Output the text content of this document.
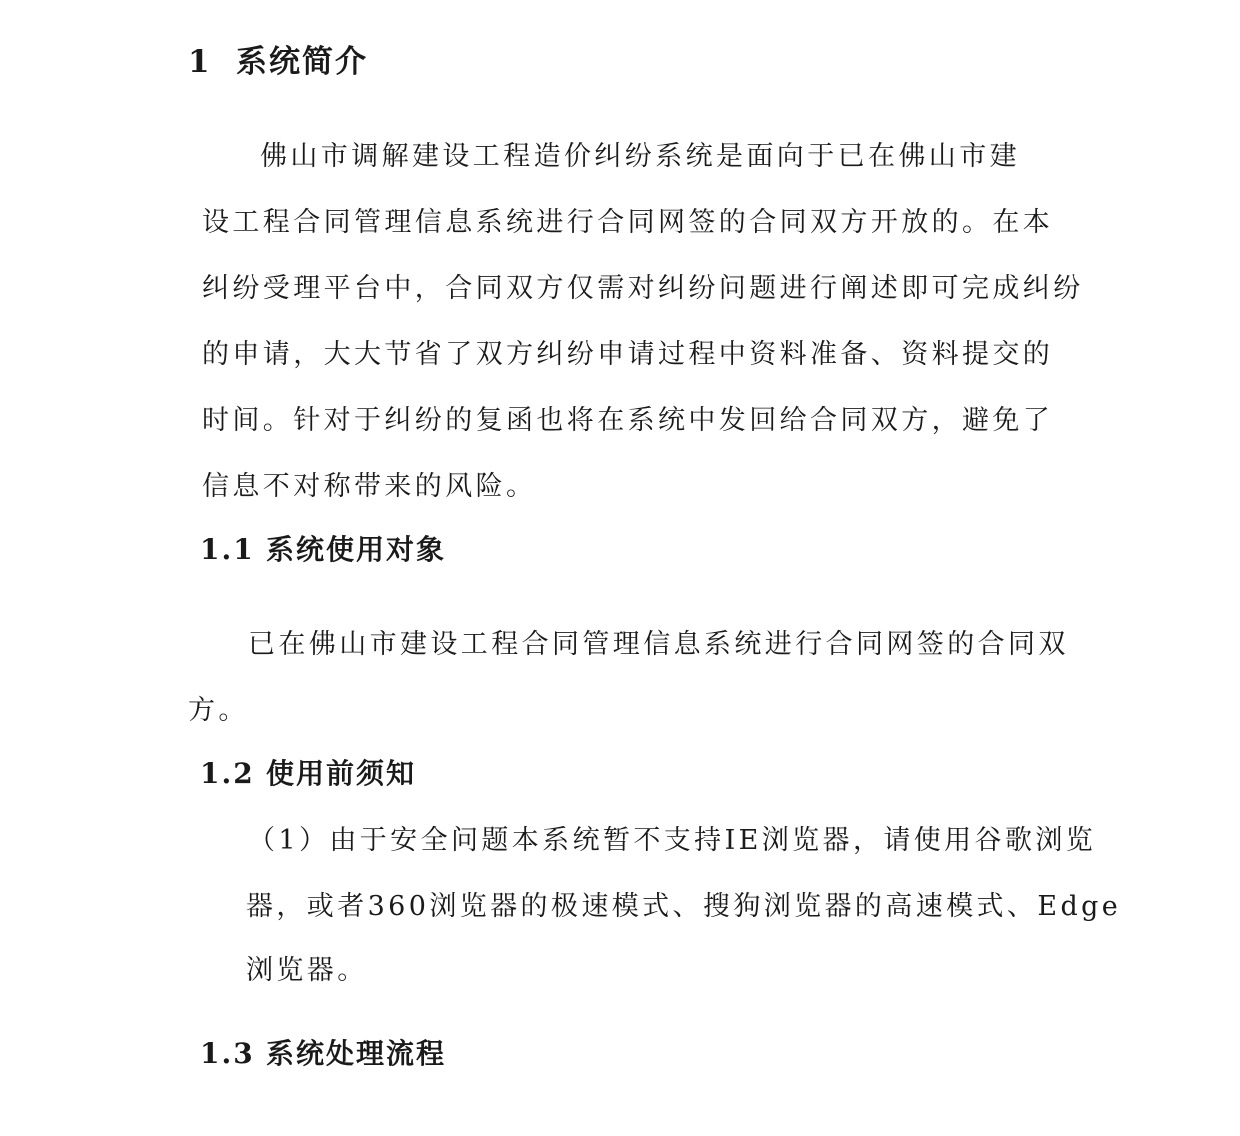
1 系统简介

佛山市调解建设工程造价纠纷系统是面向于已在佛山市建

设工程合同管理信息系统进行合同网签的合同双方开放的。在本

纠纷受理平台中，合同双方仅需对纠纷问题进行阐述即可完成纠纷

的申请，大大节省了双方纠纷申请过程中资料准备、资料提交的

时间。针对于纠纷的复函也将在系统中发回给合同双方，避免了

信息不对称带来的风险。

1.1 系统使用对象

已在佛山市建设工程合同管理信息系统进行合同网签的合同双

方。

1.2 使用前须知

（1）由于安全问题本系统暂不支持IE浏览器，请使用谷歌浏览

器，或者360浏览器的极速模式、搜狗浏览器的高速模式、Edge

浏览器。

1.3 系统处理流程
